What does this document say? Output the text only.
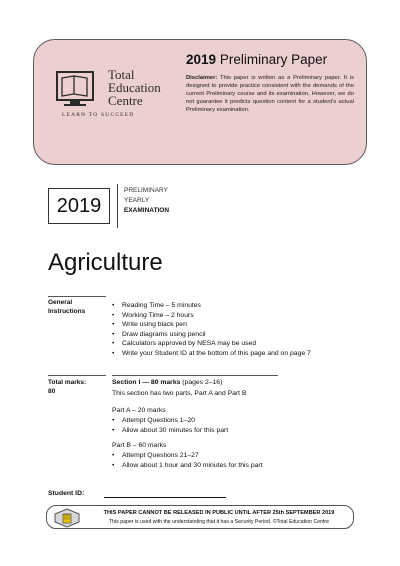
Total
Education
Centre
LEARN TO SUCCEED
2019 Preliminary Paper
Disclaimer: This paper is written as a Preliminary paper. It is designed to provide practice consistent with the demands of the current Preliminary course and its examination. However, we do not guarantee it predicts question content for a student's actual Preliminary examination.
2019
PRELIMINARY
YEARLY
EXAMINATION
Agriculture
General
Instructions
• Reading Time – 5 minutes
• Working Time – 2 hours
• Write using black pen
• Draw diagrams using pencil
• Calculators approved by NESA may be used
• Write your Student ID at the bottom of this page and on page 7
Total marks:
80
Section I — 80 marks (pages 2–16)
This section has two parts, Part A and Part B
Part A – 20 marks
• Attempt Questions 1–20
• Allow about 30 minutes for this part
Part B – 60 marks
• Attempt Questions 21–27
• Allow about 1 hour and 30 minutes for this part
Student ID:
THIS PAPER CANNOT BE RELEASED IN PUBLIC UNTIL AFTER 25th SEPTEMBER 2019
This paper is used with the understanding that it has a Security Period. ©Total Education Centre
